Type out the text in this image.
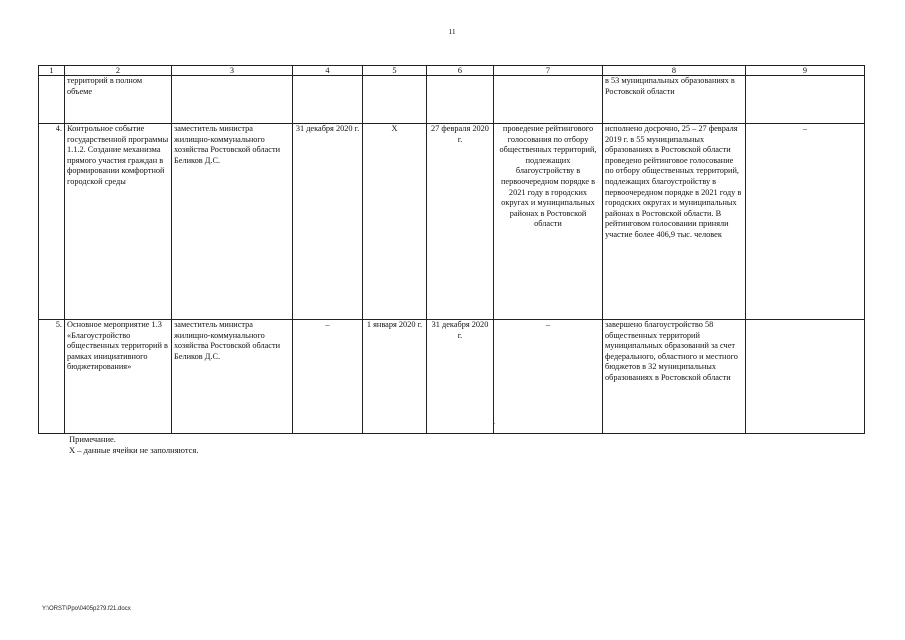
11
1	2	3	4	5	6	7	8	9
	территорий в полном объеме						в 53 муниципальных образованиях в Ростовской области	
4.	Контрольное событие государственной программы 1.1.2. Создание механизма прямого участия граждан в формировании комфортной городской среды	заместитель министра жилищно-коммунального хозяйства Ростовской области Беликов Д.С.	31 декабря 2020 г.	X	27 февраля 2020 г.	проведение рейтингового голосования по отбору общественных территорий, подлежащих благоустройству в первоочередном порядке в 2021 году в городских округах и муниципальных районах в Ростовской области	исполнено досрочно, 25 – 27 февраля 2019 г. в 55 муниципальных образованиях в Ростовской области проведено рейтинговое голосование по отбору общественных территорий, подлежащих благоустройству в первоочередном порядке в 2021 году в городских округах и муниципальных районах в Ростовской области. В рейтинговом голосовании приняли участие более 406,9 тыс. человек	–
5.	Основное мероприятие 1.3 «Благоустройство общественных территорий в рамках инициативного бюджетирования»	заместитель министра жилищно-коммунального хозяйства Ростовской области Беликов Д.С.	–	1 января 2020 г.	31 декабря 2020 г.	–	завершено благоустройство 58 общественных территорий муниципальных образований за счет федерального, областного и местного бюджетов в 32 муниципальных образованиях в Ростовской области	
.
Примечание.
X – данные ячейки не заполняются.
Y:\ORST\Ppo\0405p279.f21.docx
